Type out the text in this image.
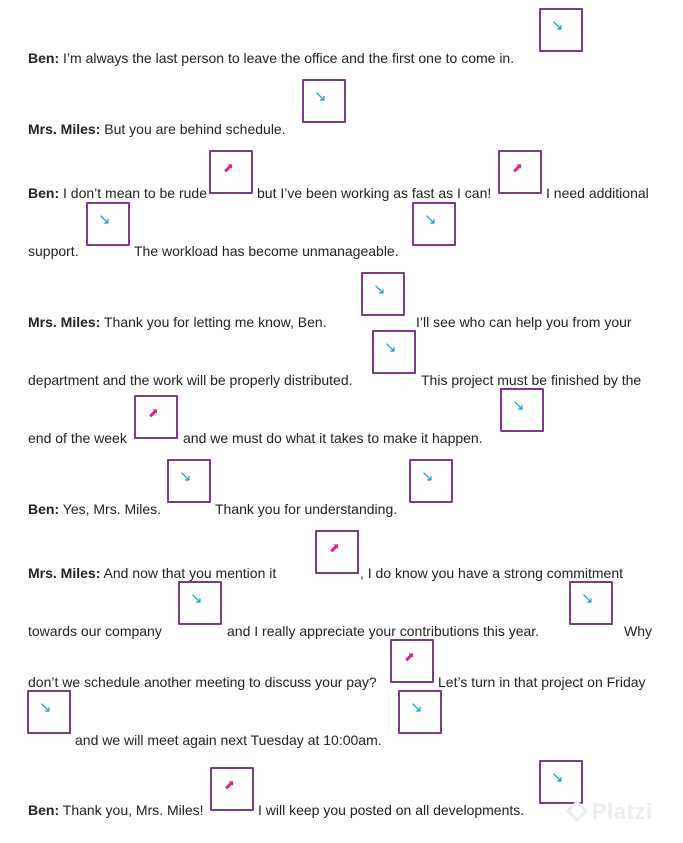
Ben: I’m always the last person to leave the office and the first one to come in.
↘
Mrs. Miles: But you are behind schedule.
↘
Ben: I don’t mean to be rude
⬈
but I’ve been working as fast as I can!
⬈
I need additional
support.
↘
The workload has become unmanageable.
↘
Mrs. Miles: Thank you for letting me know, Ben.
↘
I’ll see who can help you from your
department and the work will be properly distributed.
↘
This project must be finished by the
end of the week
⬈
and we must do what it takes to make it happen.
↘
Ben: Yes, Mrs. Miles.
↘
Thank you for understanding.
↘
Mrs. Miles: And now that you mention it
⬈
, I do know you have a strong commitment
towards our company
↘
and I really appreciate your contributions this year.
↘
Why
don’t we schedule another meeting to discuss your pay?
⬈
Let’s turn in that project on Friday
↘
and we will meet again next Tuesday at 10:00am.
↘
Ben: Thank you, Mrs. Miles!
⬈
I will keep you posted on all developments.
↘
Platzi
